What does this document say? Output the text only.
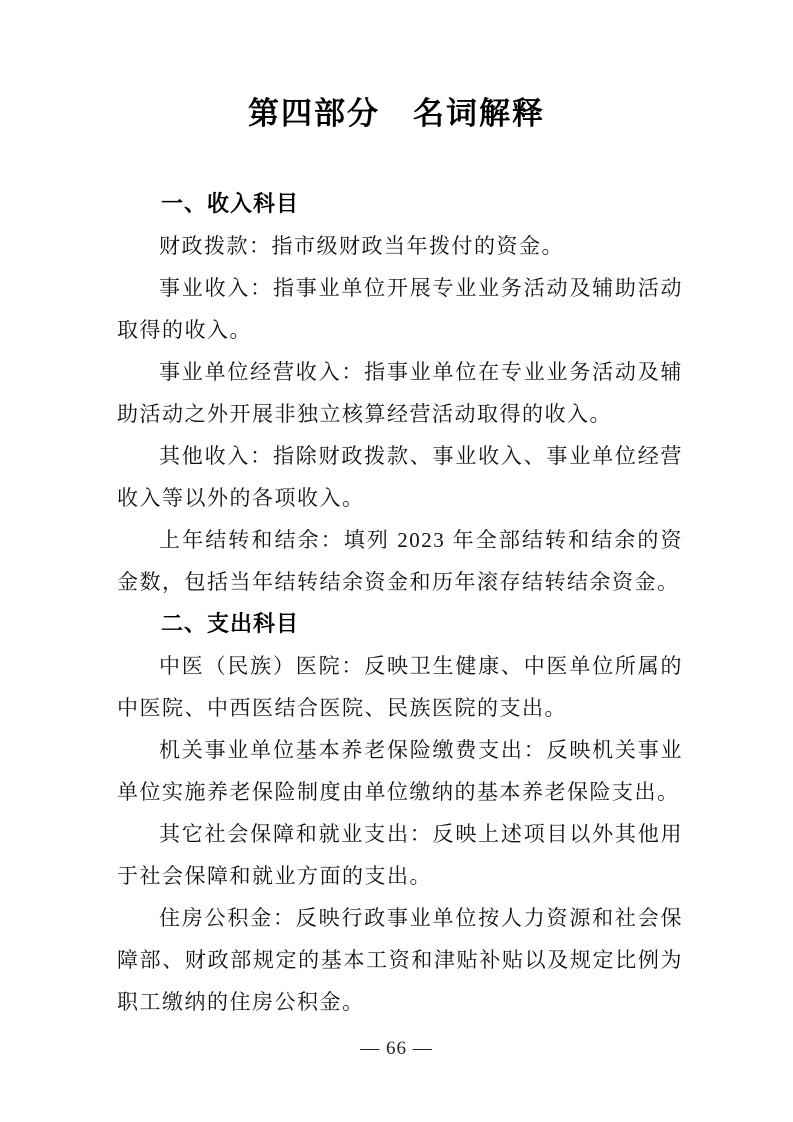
第四部分　名词解释
一、收入科目

财政拨款：指市级财政当年拨付的资金。

事业收入：指事业单位开展专业业务活动及辅助活动取得的收入。

事业单位经营收入：指事业单位在专业业务活动及辅助活动之外开展非独立核算经营活动取得的收入。

其他收入：指除财政拨款、事业收入、事业单位经营收入等以外的各项收入。

上年结转和结余：填列 2023 年全部结转和结余的资金数，包括当年结转结余资金和历年滚存结转结余资金。

二、支出科目

中医（民族）医院：反映卫生健康、中医单位所属的中医院、中西医结合医院、民族医院的支出。

机关事业单位基本养老保险缴费支出：反映机关事业单位实施养老保险制度由单位缴纳的基本养老保险支出。

其它社会保障和就业支出：反映上述项目以外其他用于社会保障和就业方面的支出。

住房公积金：反映行政事业单位按人力资源和社会保障部、财政部规定的基本工资和津贴补贴以及规定比例为职工缴纳的住房公积金。

— 66 —
